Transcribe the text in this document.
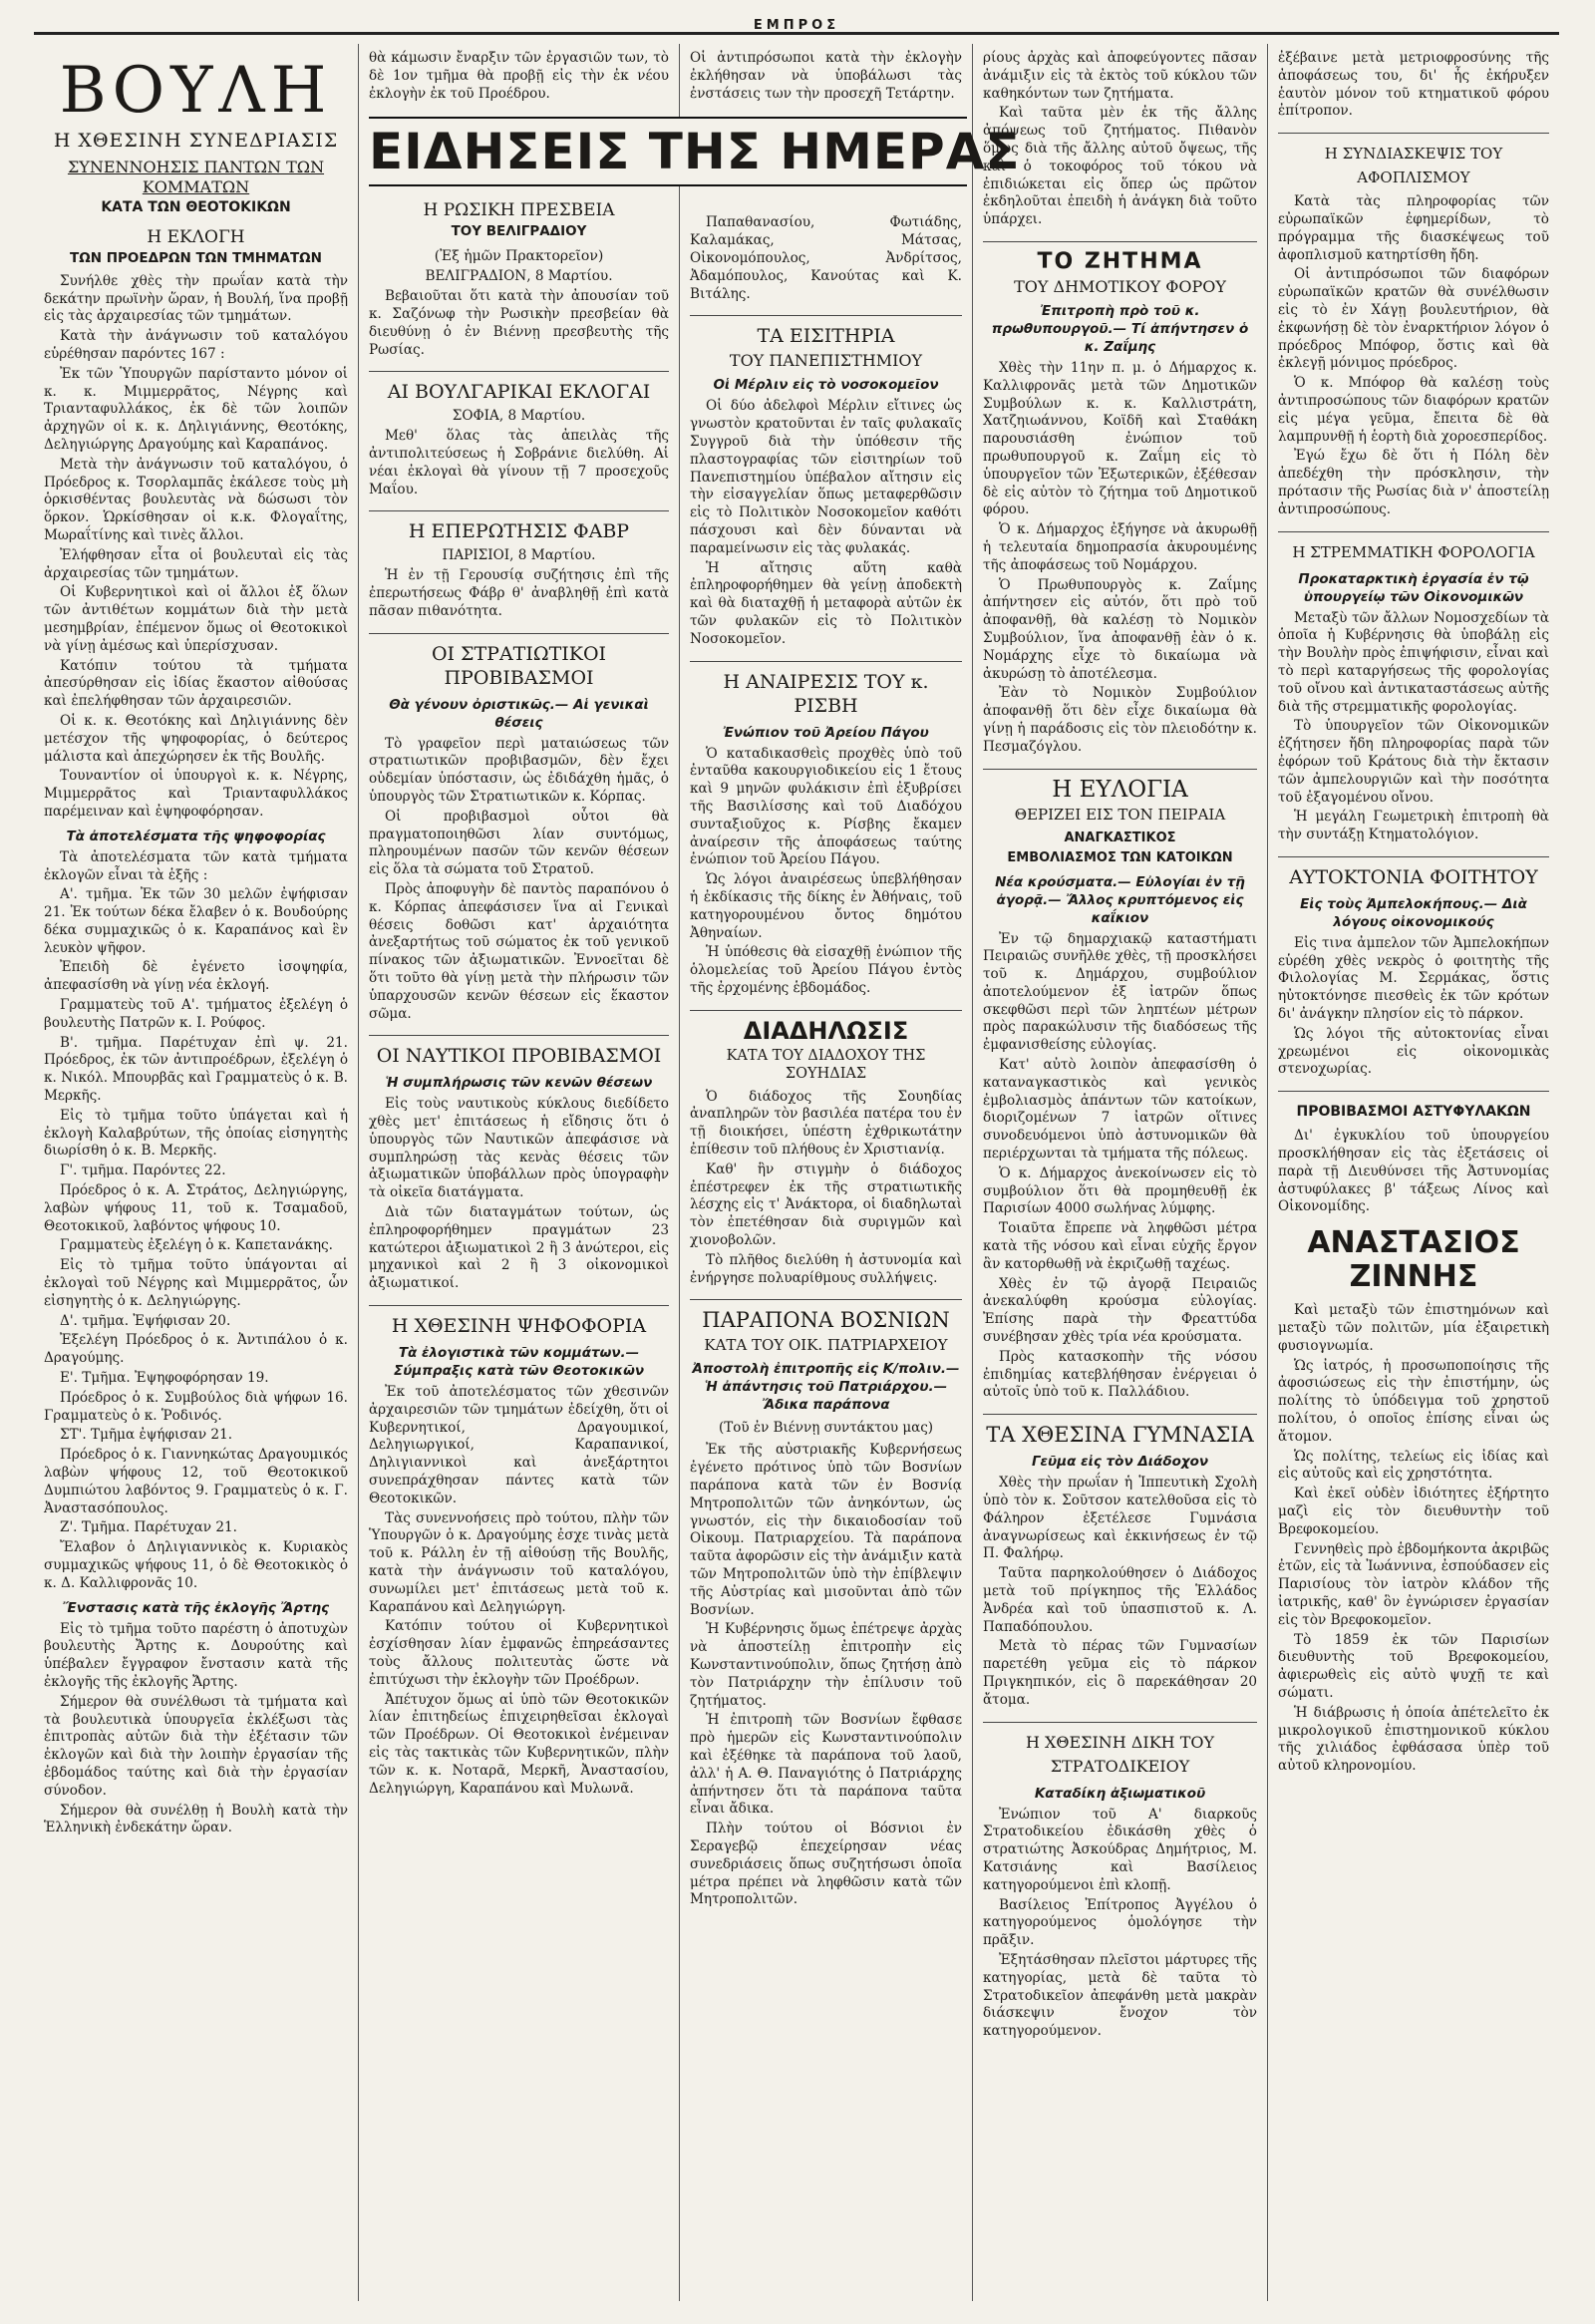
ΕΜΠΡΟΣ
ΒΟΥΛΗ
Η ΧΘΕΣΙΝΗ ΣΥΝΕΔΡΙΑΣΙΣ
ΣΥΝΕΝΝΟΗΣΙΣ ΠΑΝΤΩΝ ΤΩΝ ΚΟΜΜΑΤΩΝ
ΚΑΤΑ ΤΩΝ ΘΕΟΤΟΚΙΚΩΝ
Η ΕΚΛΟΓΗ
ΤΩΝ ΠΡΟΕΔΡΩΝ ΤΩΝ ΤΜΗΜΑΤΩΝ

Συνήλθε χθὲς τὴν πρωΐαν κατὰ τὴν δεκάτην πρωϊνὴν ὥραν, ἡ Βουλή, ἵνα προβῇ εἰς τὰς ἀρχαιρεσίας τῶν τμημάτων.

Κατὰ τὴν ἀνάγνωσιν τοῦ καταλόγου εὑρέθησαν παρόντες 167 :

Ἐκ τῶν Ὑπουργῶν παρίσταντο μόνον οἱ κ. κ. Μιμμερρᾶτος, Νέγρης καὶ Τριανταφυλλάκος, ἐκ δὲ τῶν λοιπῶν ἀρχηγῶν οἱ κ. κ. Δηλιγιάννης, Θεοτόκης, Δεληγιώργης Δραγούμης καὶ Καραπάνος.

Μετὰ τὴν ἀνάγνωσιν τοῦ καταλόγου, ὁ Πρόεδρος κ. Τσορλαμπᾶς ἐκάλεσε τοὺς μὴ ὁρκισθέντας βουλευτὰς νὰ δώσωσι τὸν ὅρκον. Ὡρκίσθησαν οἱ κ.κ. Φλογαΐτης, Μωραΐτίνης καὶ τινὲς ἄλλοι.

Ἐλήφθησαν εἶτα οἱ βουλευταὶ εἰς τὰς ἀρχαιρεσίας τῶν τμημάτων.

Οἱ Κυβερνητικοὶ καὶ οἱ ἄλλοι ἐξ ὅλων τῶν ἀντιθέτων κομμάτων διὰ τὴν μετὰ μεσημβρίαν, ἐπέμενον ὅμως οἱ Θεοτοκικοὶ νὰ γίνῃ ἀμέσως καὶ ὑπερίσχυσαν.

Κατόπιν τούτου τὰ τμήματα ἀπεσύρθησαν εἰς ἰδίας ἕκαστον αἰθούσας καὶ ἐπελήφθησαν τῶν ἀρχαιρεσιῶν.

Οἱ κ. κ. Θεοτόκης καὶ Δηλιγιάννης δὲν μετέσχον τῆς ψηφοφορίας, ὁ δεύτερος μάλιστα καὶ ἀπεχώρησεν ἐκ τῆς Βουλῆς.

Τουναντίον οἱ ὑπουργοὶ κ. κ. Νέγρης, Μιμμερρᾶτος καὶ Τριανταφυλλάκος παρέμειναν καὶ ἐψηφοφόρησαν.

Τὰ ἀποτελέσματα τῆς ψηφοφορίας

Τὰ ἀποτελέσματα τῶν κατὰ τμήματα ἐκλογῶν εἶναι τὰ ἑξῆς :

Α'. τμῆμα. Ἐκ τῶν 30 μελῶν ἐψήφισαν 21. Ἐκ τούτων δέκα ἔλαβεν ὁ κ. Βουδούρης δέκα συμμαχικῶς ὁ κ. Καραπάνος καὶ ἓν λευκὸν ψῆφον.

Ἐπειδὴ δὲ ἐγένετο ἰσοψηφία, ἀπεφασίσθη νὰ γίνῃ νέα ἐκλογή.

Γραμματεὺς τοῦ Α'. τμήματος ἐξελέγη ὁ βουλευτὴς Πατρῶν κ. Ι. Ρούφος.

Β'. τμῆμα. Παρέτυχαν ἐπὶ ψ. 21. Πρόεδρος, ἐκ τῶν ἀντιπροέδρων, ἐξελέγη ὁ κ. Νικόλ. Μπουρβᾶς καὶ Γραμματεὺς ὁ κ. Β. Μερκῆς.

Εἰς τὸ τμῆμα τοῦτο ὑπάγεται καὶ ἡ ἐκλογὴ Καλαβρύτων, τῆς ὁποίας εἰσηγητὴς διωρίσθη ὁ κ. Β. Μερκῆς.

Γ'. τμῆμα. Παρόντες 22.

Πρόεδρος ὁ κ. Α. Στράτος, Δεληγιώργης, λαβὼν ψήφους 11, τοῦ κ. Τσαμαδοῦ, Θεοτοκικοῦ, λαβόντος ψήφους 10.

Γραμματεὺς ἐξελέγη ὁ κ. Καπετανάκης.

Εἰς τὸ τμῆμα τοῦτο ὑπάγονται αἱ ἐκλογαὶ τοῦ Νέγρης καὶ Μιμμερρᾶτος, ὧν εἰσηγητὴς ὁ κ. Δεληγιώργης.

Δ'. τμῆμα. Ἐψήφισαν 20.

Ἐξελέγη Πρόεδρος ὁ κ. Ἀντιπάλου ὁ κ. Δραγούμης.

Ε'. Τμῆμα. Ἐψηφοφόρησαν 19.

Πρόεδρος ὁ κ. Συμβούλος διὰ ψήφων 16. Γραμματεὺς ὁ κ. Ῥοδινός.

ΣΤ'. Τμῆμα ἐψήφισαν 21.

Πρόεδρος ὁ κ. Γιαννηκώτας Δραγουμικός λαβὼν ψήφους 12, τοῦ Θεοτοκικοῦ Δυμπιώτου λαβόντος 9. Γραμματεὺς ὁ κ. Γ. Ἀναστασόπουλος.

Ζ'. Τμῆμα. Παρέτυχαν 21.

Ἔλαβον ὁ Δηλιγιαννικὸς κ. Κυριακὸς συμμαχικῶς ψήφους 11, ὁ δὲ Θεοτοκικὸς ὁ κ. Δ. Καλλιφρονᾶς 10.

Ἔνστασις κατὰ τῆς ἐκλογῆς Ἄρτης

Εἰς τὸ τμῆμα τοῦτο παρέστη ὁ ἀποτυχὼν βουλευτὴς Ἄρτης κ. Δουρούτης καὶ ὑπέβαλεν ἔγγραφον ἔνστασιν κατὰ τῆς ἐκλογῆς τῆς ἐκλογῆς Ἄρτης.

Σήμερον θὰ συνέλθωσι τὰ τμήματα καὶ τὰ βουλευτικὰ ὑπουργεῖα ἐκλέξωσι τὰς ἐπιτροπὰς αὐτῶν διὰ τὴν ἐξέτασιν τῶν ἐκλογῶν καὶ διὰ τὴν λοιπὴν ἐργασίαν τῆς ἐβδομάδος ταύτης καὶ διὰ τὴν ἐργασίαν σύνοδον.

Σήμερον θὰ συνέλθῃ ἡ Βουλὴ κατὰ τὴν Ἑλληνικὴ ἐνδεκάτην ὥραν.

θὰ κάμωσιν ἔναρξιν τῶν ἐργασιῶν των, τὸ δὲ 1ον τμῆμα θὰ προβῇ εἰς τὴν ἐκ νέου ἐκλογὴν ἐκ τοῦ Προέδρου.

ΕΙΔΗΣΕΙΣ ΤΗΣ ΗΜΕΡΑΣ
Η ΡΩΣΙΚΗ ΠΡΕΣΒΕΙΑ
ΤΟΥ ΒΕΛΙΓΡΑΔΙΟΥ
(Ἐξ ἡμῶν Πρακτορεῖον)

ΒΕΛΙΓΡΑΔΙΟΝ, 8 Μαρτίου.

Βεβαιοῦται ὅτι κατὰ τὴν ἀπουσίαν τοῦ κ. Σαζόνωφ τὴν Ρωσικὴν πρεσβείαν θὰ διευθύνῃ ὁ ἐν Βιέννῃ πρεσβευτὴς τῆς Ρωσίας.

ΑΙ ΒΟΥΛΓΑΡΙΚΑΙ ΕΚΛΟΓΑΙ

ΣΟΦΙΑ, 8 Μαρτίου.

Μεθ' ὅλας τὰς ἀπειλὰς τῆς ἀντιπολιτεύσεως ἡ Σοβράνιε διελύθη. Αἱ νέαι ἐκλογαὶ θὰ γίνουν τῇ 7 προσεχοῦς Μαΐου.

Η ΕΠΕΡΩΤΗΣΙΣ ΦΑΒΡ

ΠΑΡΙΣΙΟΙ, 8 Μαρτίου.

Ἡ ἐν τῇ Γερουσίᾳ συζήτησις ἐπὶ τῆς ἐπερωτήσεως Φάβρ θ' ἀναβληθῇ ἐπὶ κατὰ πᾶσαν πιθανότητα.

ΟΙ ΣΤΡΑΤΙΩΤΙΚΟΙ ΠΡΟΒΙΒΑΣΜΟΙ
Θὰ γένουν ὀριστικῶς.— Αἱ γενικαὶ θέσεις

Τὸ γραφεῖον περὶ ματαιώσεως τῶν στρατιωτικῶν προβιβασμῶν, δὲν ἔχει οὐδεμίαν ὑπόστασιν, ὡς ἐδιδάχθη ἡμᾶς, ὁ ὑπουργὸς τῶν Στρατιωτικῶν κ. Κόρπας.

Οἱ προβιβασμοὶ οὗτοι θὰ πραγματοποιηθῶσι λίαν συντόμως, πληρουμένων πασῶν τῶν κενῶν θέσεων εἰς ὅλα τὰ σώματα τοῦ Στρατοῦ.

Πρὸς ἀποφυγὴν δὲ παντὸς παραπόνου ὁ κ. Κόρπας ἀπεφάσισεν ἵνα αἱ Γενικαὶ θέσεις δοθῶσι κατ' ἀρχαιότητα ἀνεξαρτήτως τοῦ σώματος ἐκ τοῦ γενικοῦ πίνακος τῶν ἀξιωματικῶν. Ἐννοεῖται δὲ ὅτι τοῦτο θὰ γίνῃ μετὰ τὴν πλήρωσιν τῶν ὑπαρχουσῶν κενῶν θέσεων εἰς ἕκαστον σῶμα.

ΟΙ ΝΑΥΤΙΚΟΙ ΠΡΟΒΙΒΑΣΜΟΙ
Ἡ συμπλήρωσις τῶν κενῶν θέσεων

Εἰς τοὺς ναυτικοὺς κύκλους διεδίδετο χθὲς μετ' ἐπιτάσεως ἡ εἴδησις ὅτι ὁ ὑπουργὸς τῶν Ναυτικῶν ἀπεφάσισε νὰ συμπληρώσῃ τὰς κενὰς θέσεις τῶν ἀξιωματικῶν ὑποβάλλων πρὸς ὑπογραφὴν τὰ οἰκεῖα διατάγματα.

Διὰ τῶν διαταγμάτων τούτων, ὡς ἐπληροφορήθημεν πραγμάτων 23 κατώτεροι ἀξιωματικοὶ 2 ἢ 3 ἀνώτεροι, εἰς μηχανικοὶ καὶ 2 ἢ 3 οἰκονομικοὶ ἀξιωματικοί.

Η ΧΘΕΣΙΝΗ ΨΗΦΟΦΟΡΙΑ
Τὰ ἐλογιστικὰ τῶν κομμάτων.— Σύμπραξις κατὰ τῶν Θεοτοκικῶν

Ἐκ τοῦ ἀποτελέσματος τῶν χθεσινῶν ἀρχαιρεσιῶν τῶν τμημάτων ἐδείχθη, ὅτι οἱ Κυβερνητικοί, Δραγουμικοί, Δεληγιωργικοί, Καραπανικοί, Δηλιγιαννικοὶ καὶ ἀνεξάρτητοι συνεπράχθησαν πάντες κατὰ τῶν Θεοτοκικῶν.

Τὰς συνεννοήσεις πρὸ τούτου, πλὴν τῶν Ὑπουργῶν ὁ κ. Δραγούμης ἐσχε τινὰς μετὰ τοῦ κ. Ράλλη ἐν τῇ αἰθούσῃ τῆς Βουλῆς, κατὰ τὴν ἀνάγνωσιν τοῦ καταλόγου, συνωμίλει μετ' ἐπιτάσεως μετὰ τοῦ κ. Καραπάνου καὶ Δεληγιώργη.

Κατόπιν τούτου οἱ Κυβερνητικοὶ ἐσχίσθησαν λίαν ἐμφανῶς ἐπηρεάσαντες τοὺς ἄλλους πολιτευτὰς ὥστε νὰ ἐπιτύχωσι τὴν ἐκλογὴν τῶν Προέδρων.

Ἀπέτυχον ὅμως αἱ ὑπὸ τῶν Θεοτοκικῶν λίαν ἐπιτηδείως ἐπιχειρηθεῖσαι ἐκλογαὶ τῶν Προέδρων. Οἱ Θεοτοκικοὶ ἐνέμειναν εἰς τὰς τακτικὰς τῶν Κυβερνητικῶν, πλὴν τῶν κ. κ. Νοταρᾶ, Μερκῆ, Ἀναστασίου, Δεληγιώργη, Καραπάνου καὶ Μυλωνᾶ.

Οἱ ἀντιπρόσωποι κατὰ τὴν ἐκλογὴν ἐκλήθησαν νὰ ὑποβάλωσι τὰς ἐνστάσεις των τὴν προσεχῆ Τετάρτην.

Παπαθανασίου, Φωτιάδης, Καλαμάκας, Μάτσας, Οἰκονομόπουλος, Ἀνδρίτσος, Ἀδαμόπουλος, Κανούτας καὶ Κ. Βιτάλης.

ΤΑ ΕΙΣΙΤΗΡΙΑ
ΤΟΥ ΠΑΝΕΠΙΣΤΗΜΙΟΥ
Οἱ Μέρλιν εἰς τὸ νοσοκομεῖον

Οἱ δύο ἀδελφοὶ Μέρλιν εἴτινες ὡς γνωστὸν κρατοῦνται ἐν ταῖς φυλακαῖς Συγγροῦ διὰ τὴν ὑπόθεσιν τῆς πλαστογραφίας τῶν εἰσιτηρίων τοῦ Πανεπιστημίου ὑπέβαλον αἴτησιν εἰς τὴν εἰσαγγελίαν ὅπως μεταφερθῶσιν εἰς τὸ Πολιτικὸν Νοσοκομεῖον καθότι πάσχουσι καὶ δὲν δύνανται νὰ παραμείνωσιν εἰς τὰς φυλακάς.

Ἡ αἴτησις αὕτη καθὰ ἐπληροφορήθημεν θὰ γείνῃ ἀποδεκτὴ καὶ θὰ διαταχθῇ ἡ μεταφορὰ αὐτῶν ἐκ τῶν φυλακῶν εἰς τὸ Πολιτικὸν Νοσοκομεῖον.

Η ΑΝΑΙΡΕΣΙΣ ΤΟΥ κ. ΡΙΣΒΗ
Ἐνώπιον τοῦ Ἀρείου Πάγου

Ὁ καταδικασθεὶς προχθὲς ὑπὸ τοῦ ἐνταῦθα κακουργιοδικείου εἰς 1 ἔτους καὶ 9 μηνῶν φυλάκισιν ἐπὶ ἐξυβρίσει τῆς Βασιλίσσης καὶ τοῦ Διαδόχου συνταξιοῦχος κ. Ρίσβης ἔκαμεν ἀναίρεσιν τῆς ἀποφάσεως ταύτης ἐνώπιον τοῦ Ἀρείου Πάγου.

Ὡς λόγοι ἀναιρέσεως ὑπεβλήθησαν ἡ ἐκδίκασις τῆς δίκης ἐν Ἀθήναις, τοῦ κατηγορουμένου ὄντος δημότου Ἀθηναίων.

Ἡ ὑπόθεσις θὰ εἰσαχθῇ ἐνώπιον τῆς ὁλομελείας τοῦ Ἀρείου Πάγου ἐντὸς τῆς ἐρχομένης ἑβδομάδος.

ΔΙΑΔΗΛΩΣΙΣ
ΚΑΤΑ ΤΟΥ ΔΙΑΔΟΧΟΥ ΤΗΣ ΣΟΥΗΔΙΑΣ

Ὁ διάδοχος τῆς Σουηδίας ἀναπληρῶν τὸν βασιλέα πατέρα του ἐν τῇ διοικήσει, ὑπέστη ἐχθρικωτάτην ἐπίθεσιν τοῦ πλήθους ἐν Χριστιανίᾳ.

Καθ' ἣν στιγμὴν ὁ διάδοχος ἐπέστρεφεν ἐκ τῆς στρατιωτικῆς λέσχης εἰς τ' Ἀνάκτορα, οἱ διαδηλωταὶ τὸν ἐπετέθησαν διὰ συριγμῶν καὶ χιονοβολῶν.

Τὸ πλῆθος διελύθη ἡ ἀστυνομία καὶ ἐνήργησε πολυαρίθμους συλλήψεις.

ΠΑΡΑΠΟΝΑ ΒΟΣΝΙΩΝ
ΚΑΤΑ ΤΟΥ ΟΙΚ. ΠΑΤΡΙΑΡΧΕΙΟΥ
Ἀποστολὴ ἐπιτροπῆς εἰς Κ/πολιν.— Ἡ ἀπάντησις τοῦ Πατριάρχου.— Ἄδικα παράπονα
(Τοῦ ἐν Βιέννῃ συντάκτου μας)

Ἐκ τῆς αὐστριακῆς Κυβερνήσεως ἐγένετο πρότινος ὑπὸ τῶν Βοσνίων παράπονα κατὰ τῶν ἐν Βοσνίᾳ Μητροπολιτῶν τῶν ἀνηκόντων, ὡς γνωστόν, εἰς τὴν δικαιοδοσίαν τοῦ Οἰκουμ. Πατριαρχείου. Τὰ παράπονα ταῦτα ἀφορῶσιν εἰς τὴν ἀνάμιξιν κατὰ τῶν Μητροπολιτῶν ὑπὸ τὴν ἐπίβλεψιν τῆς Αὐστρίας καὶ μισοῦνται ἀπὸ τῶν Βοσνίων.

Ἡ Κυβέρνησις ὅμως ἐπέτρεψε ἀρχὰς νὰ ἀποστείλῃ ἐπιτροπὴν εἰς Κωνσταντινούπολιν, ὅπως ζητήσῃ ἀπὸ τὸν Πατριάρχην τὴν ἐπίλυσιν τοῦ ζητήματος.

Ἡ ἐπιτροπὴ τῶν Βοσνίων ἔφθασε πρὸ ἡμερῶν εἰς Κωνσταντινούπολιν καὶ ἐξέθηκε τὰ παράπονα τοῦ λαοῦ, ἀλλ' ἡ Α. Θ. Παναγιότης ὁ Πατριάρχης ἀπήντησεν ὅτι τὰ παράπονα ταῦτα εἶναι ἄδικα.

Πλὴν τούτου οἱ Βόσνιοι ἐν Σεραγεβῷ ἐπεχείρησαν νέας συνεδριάσεις ὅπως συζητήσωσι ὁποῖα μέτρα πρέπει νὰ ληφθῶσιν κατὰ τῶν Μητροπολιτῶν.

ρίους ἀρχὰς καὶ ἀποφεύγοντες πᾶσαν ἀνάμιξιν εἰς τὰ ἐκτὸς τοῦ κύκλου τῶν καθηκόντων των ζητήματα.

Καὶ ταῦτα μὲν ἐκ τῆς ἄλλης ἀπόψεως τοῦ ζητήματος. Πιθανὸν ὅμως διὰ τῆς ἄλλης αὐτοῦ ὄψεως, τῆς καὶ ὁ τοκοφόρος τοῦ τόκου νὰ ἐπιδιώκεται εἰς ὅπερ ὡς πρῶτον ἐκδηλοῦται ἐπειδὴ ἡ ἀνάγκη διὰ τοῦτο ὑπάρχει.

ΤΟ ΖΗΤΗΜΑ
ΤΟΥ ΔΗΜΟΤΙΚΟΥ ΦΟΡΟΥ
Ἐπιτροπὴ πρὸ τοῦ κ. πρωθυπουργοῦ.— Τί ἀπήντησεν ὁ κ. Ζαΐμης

Χθὲς τὴν 11ην π. μ. ὁ Δήμαρχος κ. Καλλιφρονᾶς μετὰ τῶν Δημοτικῶν Συμβούλων κ. κ. Καλλιστράτη, Χατζηιωάννου, Κοϊδῆ καὶ Σταθάκη παρουσιάσθη ἐνώπιον τοῦ πρωθυπουργοῦ κ. Ζαΐμη εἰς τὸ ὑπουργεῖον τῶν Ἐξωτερικῶν, ἐξέθεσαν δὲ εἰς αὐτὸν τὸ ζήτημα τοῦ Δημοτικοῦ φόρου.

Ὁ κ. Δήμαρχος ἐξήγησε νὰ ἀκυρωθῇ ἡ τελευταία δημοπρασία ἀκυρουμένης τῆς ἀποφάσεως τοῦ Νομάρχου.

Ὁ Πρωθυπουργὸς κ. Ζαΐμης ἀπήντησεν εἰς αὐτόν, ὅτι πρὸ τοῦ ἀποφανθῇ, θὰ καλέσῃ τὸ Νομικὸν Συμβούλιον, ἵνα ἀποφανθῇ ἐὰν ὁ κ. Νομάρχης εἶχε τὸ δικαίωμα νὰ ἀκυρώσῃ τὸ ἀποτέλεσμα.

Ἐὰν τὸ Νομικὸν Συμβούλιον ἀποφανθῇ ὅτι δὲν εἶχε δικαίωμα θὰ γίνῃ ἡ παράδοσις εἰς τὸν πλειοδότην κ. Πεσμαζόγλου.

Η ΕΥΛΟΓΙΑ
ΘΕΡΙΖΕΙ ΕΙΣ ΤΟΝ ΠΕΙΡΑΙΑ
ΑΝΑΓΚΑΣΤΙΚΟΣ
ΕΜΒΟΛΙΑΣΜΟΣ ΤΩΝ ΚΑΤΟΙΚΩΝ
Νέα κρούσματα.— Εὐλογίαι ἐν τῇ ἀγορᾷ.— Ἄλλος κρυπτόμενος εἰς καΐκιον

Ἐν τῷ δημαρχιακῷ καταστήματι Πειραιῶς συνῆλθε χθὲς, τῇ προσκλήσει τοῦ κ. Δημάρχου, συμβούλιον ἀποτελούμενον ἐξ ἰατρῶν ὅπως σκεφθῶσι περὶ τῶν ληπτέων μέτρων πρὸς παρακώλυσιν τῆς διαδόσεως τῆς ἐμφανισθείσης εὐλογίας.

Κατ' αὐτὸ λοιπὸν ἀπεφασίσθη ὁ καταναγκαστικὸς καὶ γενικὸς ἐμβολιασμὸς ἁπάντων τῶν κατοίκων, διοριζομένων 7 ἰατρῶν οἵτινες συνοδευόμενοι ὑπὸ ἀστυνομικῶν θὰ περιέρχωνται τὰ τμήματα τῆς πόλεως.

Ὁ κ. Δήμαρχος ἀνεκοίνωσεν εἰς τὸ συμβούλιον ὅτι θὰ προμηθευθῇ ἐκ Παρισίων 4000 σωλήνας λύμφης.

Τοιαῦτα ἔπρεπε νὰ ληφθῶσι μέτρα κατὰ τῆς νόσου καὶ εἶναι εὐχῆς ἔργον ἂν κατορθωθῇ νὰ ἐκριζωθῇ ταχέως.

Χθὲς ἐν τῷ ἀγορᾷ Πειραιῶς ἀνεκαλύφθη κρούσμα εὐλογίας. Ἐπίσης παρὰ τὴν Φρεαττύδα συνέβησαν χθὲς τρία νέα κρούσματα.

Πρὸς κατασκοπὴν τῆς νόσου ἐπιδημίας κατεβλήθησαν ἐνέργειαι ὁ αὐτοῖς ὑπὸ τοῦ κ. Παλλάδιου.

ΤΑ ΧΘΕΣΙΝΑ ΓΥΜΝΑΣΙΑ
Γεῦμα εἰς τὸν Διάδοχον

Χθὲς τὴν πρωΐαν ἡ Ἱππευτικὴ Σχολὴ ὑπὸ τὸν κ. Σοῦτσον κατελθοῦσα εἰς τὸ Φάληρον ἐξετέλεσε Γυμνάσια ἀναγνωρίσεως καὶ ἐκκινήσεως ἐν τῷ Π. Φαλήρῳ.

Ταῦτα παρηκολούθησεν ὁ Διάδοχος μετὰ τοῦ πρίγκηπος τῆς Ἑλλάδος Ἀνδρέα καὶ τοῦ ὑπασπιστοῦ κ. Λ. Παπαδόπουλου.

Μετὰ τὸ πέρας τῶν Γυμνασίων παρετέθη γεῦμα εἰς τὸ πάρκον Πριγκηπικόν, εἰς ὃ παρεκάθησαν 20 ἄτομα.

Η ΧΘΕΣΙΝΗ ΔΙΚΗ ΤΟΥ ΣΤΡΑΤΟΔΙΚΕΙΟΥ
Καταδίκη ἀξιωματικοῦ

Ἐνώπιον τοῦ Α' διαρκοῦς Στρατοδικείου ἐδικάσθη χθὲς ὁ στρατιώτης Ἀσκούδρας Δημήτριος, Μ. Κατσιάνης καὶ Βασίλειος κατηγορούμενοι ἐπὶ κλοπῇ.

Βασίλειος Ἐπίτροπος Ἀγγέλου ὁ κατηγορούμενος ὁμολόγησε τὴν πρᾶξιν.

Ἐξητάσθησαν πλεῖστοι μάρτυρες τῆς κατηγορίας, μετὰ δὲ ταῦτα τὸ Στρατοδικεῖον ἀπεφάνθη μετὰ μακρὰν διάσκεψιν ἔνοχον τὸν κατηγορούμενον.

ἐξέβαινε μετὰ μετριοφροσύνης τῆς ἀποφάσεως του, δι' ἧς ἐκήρυξεν ἑαυτὸν μόνον τοῦ κτηματικοῦ φόρου ἐπίτροπον.

Η ΣΥΝΔΙΑΣΚΕΨΙΣ ΤΟΥ ΑΦΟΠΛΙΣΜΟΥ

Κατὰ τὰς πληροφορίας τῶν εὐρωπαϊκῶν ἐφημερίδων, τὸ πρόγραμμα τῆς διασκέψεως τοῦ ἀφοπλισμοῦ κατηρτίσθη ἤδη.

Οἱ ἀντιπρόσωποι τῶν διαφόρων εὐρωπαϊκῶν κρατῶν θὰ συνέλθωσιν εἰς τὸ ἐν Χάγῃ βουλευτήριον, θὰ ἐκφωνήσῃ δὲ τὸν ἐναρκτήριον λόγον ὁ πρόεδρος Μπόφορ, ὅστις καὶ θὰ ἐκλεγῇ μόνιμος πρόεδρος.

Ὁ κ. Μπόφορ θὰ καλέσῃ τοὺς ἀντιπροσώπους τῶν διαφόρων κρατῶν εἰς μέγα γεῦμα, ἔπειτα δὲ θὰ λαμπρυνθῇ ἡ ἑορτὴ διὰ χοροεσπερίδος.

Ἐγώ ἔχω δὲ ὅτι ἡ Πόλη δὲν ἀπεδέχθη τὴν πρόσκλησιν, τὴν πρότασιν τῆς Ρωσίας διὰ ν' ἀποστείλῃ ἀντιπροσώπους.

Η ΣΤΡΕΜΜΑΤΙΚΗ ΦΟΡΟΛΟΓΙΑ
Προκαταρκτικὴ ἐργασία ἐν τῷ ὑπουργείῳ τῶν Οἰκονομικῶν

Μεταξὺ τῶν ἄλλων Νομοσχεδίων τὰ ὁποῖα ἡ Κυβέρνησις θὰ ὑποβάλῃ εἰς τὴν Βουλὴν πρὸς ἐπιψήφισιν, εἶναι καὶ τὸ περὶ καταργήσεως τῆς φορολογίας τοῦ οἴνου καὶ ἀντικαταστάσεως αὐτῆς διὰ τῆς στρεμματικῆς φορολογίας.

Τὸ ὑπουργεῖον τῶν Οἰκονομικῶν ἐζήτησεν ἤδη πληροφορίας παρὰ τῶν ἐφόρων τοῦ Κράτους διὰ τὴν ἔκτασιν τῶν ἀμπελουργιῶν καὶ τὴν ποσότητα τοῦ ἐξαγομένου οἴνου.

Ἡ μεγάλη Γεωμετρικὴ ἐπιτροπὴ θὰ τὴν συντάξῃ Κτηματολόγιον.

ΑΥΤΟΚΤΟΝΙΑ ΦΟΙΤΗΤΟΥ
Εἰς τοὺς Ἀμπελοκήπους.— Διὰ λόγους οἰκονομικούς

Εἰς τινα ἀμπελον τῶν Ἀμπελοκήπων εὑρέθη χθὲς νεκρὸς ὁ φοιτητὴς τῆς Φιλολογίας Μ. Σερμάκας, ὅστις ηὐτοκτόνησε πιεσθεὶς ἐκ τῶν κρότων δι' ἀνάγκην πλησίον εἰς τὸ πάρκον.

Ὡς λόγοι τῆς αὐτοκτονίας εἶναι χρεωμένοι εἰς οἰκονομικὰς στενοχωρίας.

ΠΡΟΒΙΒΑΣΜΟΙ ΑΣΤΥΦΥΛΑΚΩΝ

Δι' ἐγκυκλίου τοῦ ὑπουργείου προσκλήθησαν εἰς τὰς ἐξετάσεις οἱ παρὰ τῇ Διευθύνσει τῆς Ἀστυνομίας ἀστυφύλακες β' τάξεως Λίνος καὶ Οἰκονομίδης.

ΑΝΑΣΤΑΣΙΟΣ ΖΙΝΝΗΣ

Καὶ μεταξὺ τῶν ἐπιστημόνων καὶ μεταξὺ τῶν πολιτῶν, μία ἐξαιρετικὴ φυσιογνωμία.

Ὡς ἰατρός, ἡ προσωποποίησις τῆς ἀφοσιώσεως εἰς τὴν ἐπιστήμην, ὡς πολίτης τὸ ὑπόδειγμα τοῦ χρηστοῦ πολίτου, ὁ οποῖος ἐπίσης εἶναι ὡς ἄτομον.

Ὡς πολίτης, τελείως εἰς ἰδίας καὶ εἰς αὐτοῦς καὶ εἰς χρηστότητα.

Καὶ ἐκεῖ οὐδὲν ἰδιότητες ἐξήρτητο μαζὶ εἰς τὸν διευθυντὴν τοῦ Βρεφοκομείου.

Γεννηθεὶς πρὸ ἑβδομήκοντα ἀκριβῶς ἐτῶν, εἰς τὰ Ἰωάννινα, ἐσπούδασεν εἰς Παρισίους τὸν ἰατρὸν κλάδον τῆς ἰατρικῆς, καθ' ὃν ἐγνώρισεν ἐργασίαν εἰς τὸν Βρεφοκομεῖον.

Τὸ 1859 ἐκ τῶν Παρισίων διευθυντὴς τοῦ Βρεφοκομείου, ἀφιερωθεὶς εἰς αὐτὸ ψυχῇ τε καὶ σώματι.

Ἡ διάβρωσις ἡ ὁποία ἀπέτελεῖτο ἐκ μικρολογικοῦ ἐπιστημονικοῦ κύκλου τῆς χιλιάδος ἐφθάσασα ὑπὲρ τοῦ αὐτοῦ κληρονομίου.
